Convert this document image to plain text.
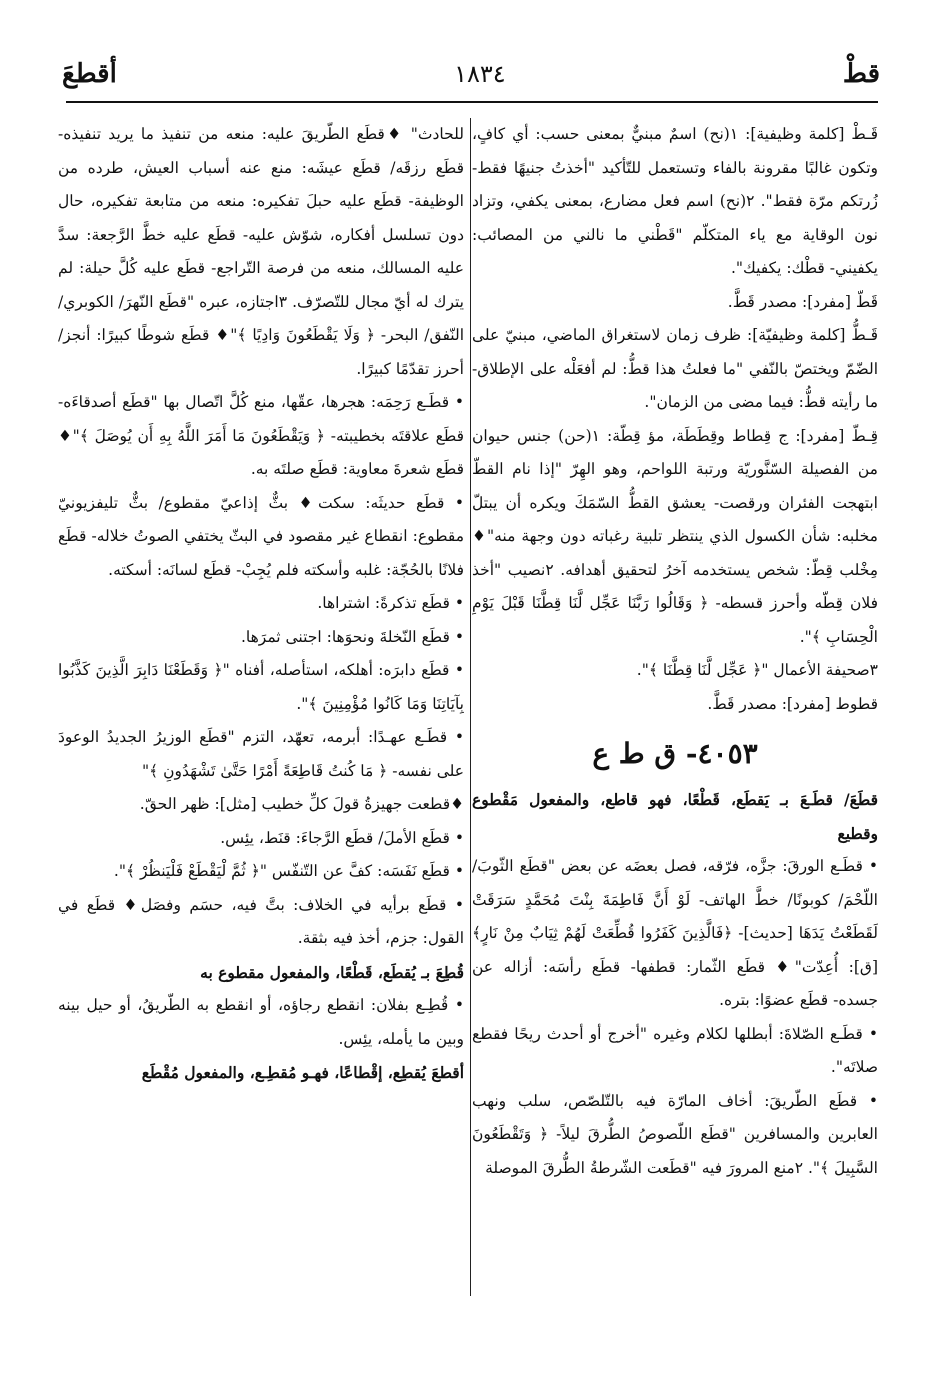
قطْ
١٨٣٤
أقطعَ

قَـطْ [كلمة وظيفية]: ١(نح) اسمٌ مبنيٌّ بمعنى حسب: أي كافٍ، وتكون غالبًا مقرونة بالفاء وتستعمل للتّأكيد "أخذتُ جنيهًا فقط- زُرتكم مرّة فقط". ٢(نح) اسم فعل مضارع، بمعنى يكفي، وتزاد نون الوقاية مع ياء المتكلّم "قَطْني ما نالني من المصائب: يكفيني- قطْك: يكفيك".

قَطّ [مفرد]: مصدر قَطَّ.

قَـطُّ [كلمة وظيفيّة]: ظرف زمان لاستغراق الماضي، مبنيّ على الضّمّ ويختصّ بالنّفي "ما فعلتُ هذا قطُّ: لم أفعَلْه على الإطلاق- ما رأيته قطُّ: فيما مضى من الزمان".

قِـطّ [مفرد]: ج قِطاط وقِطَطَة، مؤ قِطّة: ١(حن) جنس حيوان من الفصيلة السّنَّوريّة ورتبة اللواحم، وهو الهِرّ "إذا نام القطّ ابتهجت الفئران ورقصت- يعشق القطُّ السّمَكَ ويكره أن يبتلّ مخلبه: شأن الكسول الذي ينتظر تلبية رغباته دون وجهة منه"♦ مِخْلب قِطّ: شخص يستخدمه آخرُ لتحقيق أهدافه. ٢نصيب "أخذ فلان قِطّه وأحرز قسطه- ﴿ وَقَالُوا رَبَّنَا عَجِّل لَّنَا قِطَّنَا قَبْلَ يَوْمِ الْحِسَابِ ﴾".

٣صحيفة الأعمال "﴿ عَجِّل لَّنَا قِطَّنَا ﴾".

قطوط [مفرد]: مصدر قَطَّ.

٤٠٥٣- ق ط ع

قطَعَ/ قطَـعَ بـ يَقطَع، قَطْعًا، فهو قاطع، والمفعول مَقْطوع وقطيع

• قطَـع الورقَ: جزَّه، فرّقه، فصل بعضَه عن بعض "قطَع الثّوبَ/ اللّحْمَ/ كوبونًا/ خطَّ الهاتف- لَوْ أَنَّ فَاطِمَةَ بِنْتَ مُحَمَّدٍ سَرَقَتْ لَقَطَعْتُ يَدَهَا [حديث]- ﴿فَالَّذِينَ كَفَرُوا قُطِّعَتْ لَهُمْ ثِيَابٌ مِنْ نَارٍ﴾ [ق]: أُعِدّت"♦ قطَع الثّمار: قطفها- قطَع رأسَه: أزاله عن جسده- قطَع عضوًا: بتره.

• قطَـع الصّلاةَ: أبطلها لكلام وغيره "أخرج أو أحدث ريحًا فقطع صلاتَه".

• قطَع الطّريقَ: أخاف المارّة فيه بالتّلصّص، سلب ونهب العابرين والمسافرين "قطَع اللّصوصُ الطُّرقَ ليلاً- ﴿ وَتَقْطَعُونَ السَّبِيلَ ﴾". ٢منع المرورَ فيه "قطَعت الشّرطةُ الطُّرقَ الموصلة

للحادث" ♦قطَع الطّريقَ عليه: منعه من تنفيذ ما يريد تنفيذه- قطَع رزقَه/ قطَع عيشَه: منع عنه أسباب العيش، طرده من الوظيفة- قطَع عليه حبلَ تفكيره: منعه من متابعة تفكيره، حال دون تسلسل أفكاره، شوّش عليه- قطَع عليه خطَّ الرَّجعة: سدَّ عليه المسالك، منعه من فرصة التّراجع- قطَع عليه كُلَّ حيلة: لم يترك له أيّ مجال للتّصرّف. ٣اجتازه، عبره "قطَع النّهرَ/ الكوبري/ النّفق/ البحر- ﴿ وَلَا يَقْطَعُونَ وَادِيًا ﴾"♦ قطَع شوطًا كبيرًا: أنجز/ أحرز تقدّمًا كبيرًا.

• قطَـع رَحِمَه: هجرها، عقّها، منع كُلَّ اتّصال بها "قطَع أصدقاءَه- قطَع علاقتَه بخطيبته- ﴿ وَيَقْطَعُونَ مَا أَمَرَ اللَّهُ بِهِ أَن يُوصَلَ ﴾"♦ قطَع شعرةَ معاوية: قطَع صلتَه به.

• قطَع حديثَه: سكت♦ بثٌّ إذاعيّ مقطوع/ بثٌّ تليفزيونيّ مقطوع: انقطاع غير مقصود في البثّ يختفي الصوتُ خلاله- قطَع فلانًا بالحُجّة: غلبه وأسكته فلم يُجِبْ- قطَع لسانَه: أسكته.

• قطَع تذكرةً: اشتراها.

• قطَع النّخلةَ ونحوَها: اجتنى ثمرَها.

• قطَع دابرَه: أهلكه، استأصله، أفناه "﴿ وَقَطَعْنَا دَابِرَ الَّذِينَ كَذَّبُوا بِآيَاتِنَا وَمَا كَانُوا مُؤْمِنِينَ ﴾".

• قطَـع عهـدًا: أبرمه، تعهّد، التزم "قطَع الوزيرُ الجديدُ الوعودَ على نفسه- ﴿ مَا كُنتُ قَاطِعَةً أَمْرًا حَتَّىٰ تَشْهَدُونِ ﴾"

♦قطعت جهيزةُ قولَ كلِّ خطيب [مثل]: ظهر الحقّ.

• قطَع الأملَ/ قطَع الرَّجاءَ: قنَط، يئِس.

• قطَع نَفَسَه: كفَّ عن التّنفّس "﴿ ثُمَّ لْيَقْطَعْ فَلْيَنظُرْ ﴾".

• قطَع برأيه في الخلاف: بتَّ فيه، حسَم وفصَل♦ قطَع في القول: جزم، أخذ فيه بثقة.

قُطِعَ بـ يُقطَع، قَطْعًا، والمفعول مقطوع به

• قُطِـع بفلان: انقطع رجاؤه، أو انقطع به الطّريقُ، أو حيل بينه وبين ما يأمله، يئِس.

أقطعَ يُقطِع، إقْطاعًا، فهـو مُقطِـع، والمفعول مُقْطَع
